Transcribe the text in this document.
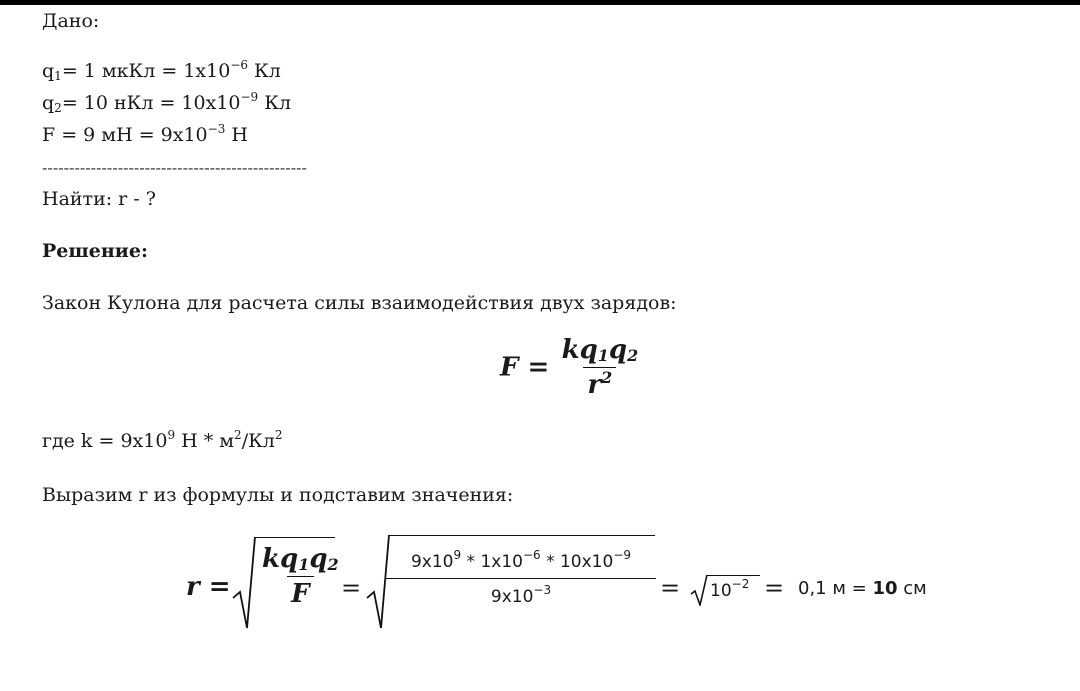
Дано:
$q_1= 1$ мкКл = $1x10^{-6}$ Кл
$q_2= 10$ нКл = $10x10^{-9}$ Кл
F = 9 мН = $9x10^{-3}$ Н
-------------------------------------------------
Найти: r - ?
Решение:
Закон Кулона для расчета силы взаимодействия двух зарядов:
$F = \frac{kq_1q_2}{r^2}$
где $k = 9x10^9$ Н * $м^2/Кл^2$
Выразим r из формулы и подставим значения:
$r = \frac{kq_1q_2}{F}$
= $\frac{9x10^9 * 1x10^{-6} * 10x10^{-9}}{9x10^{-3}} = 10^{-2} = 0,1$ м = 10 см
